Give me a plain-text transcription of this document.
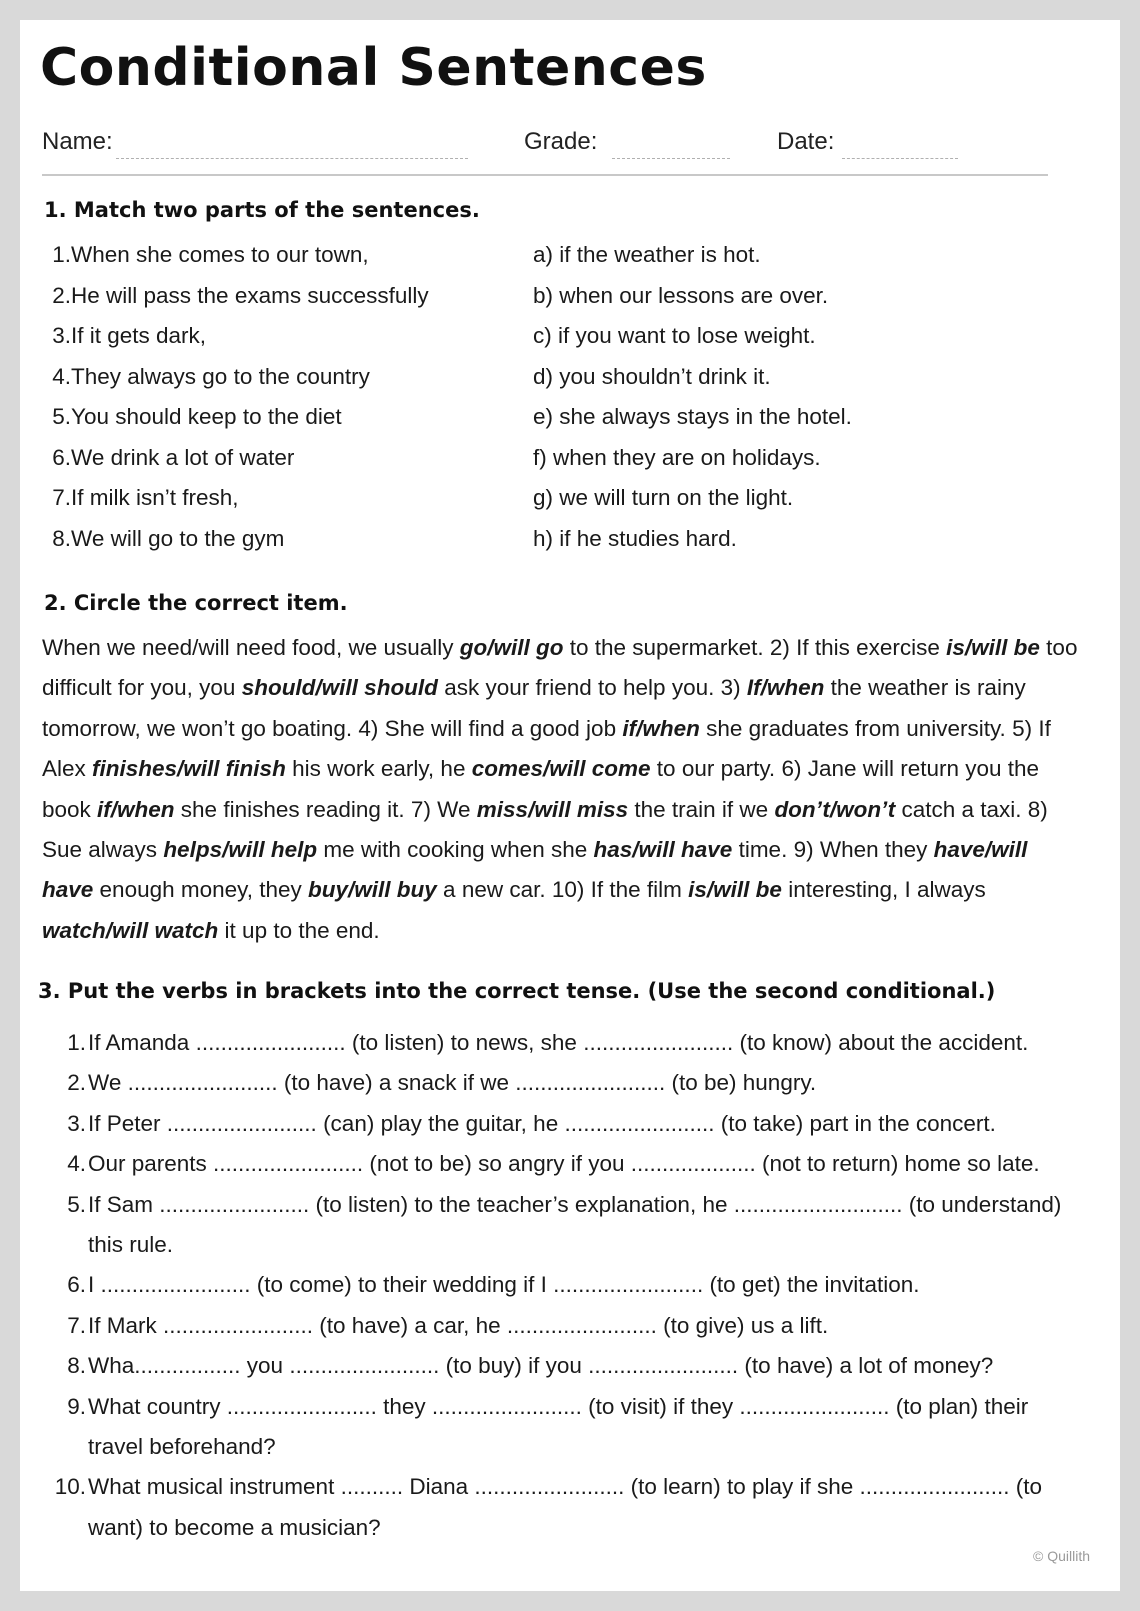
Conditional Sentences
Name:	Grade:	Date:
1. Match two parts of the sentences.
1. When she comes to our town,	a) if the weather is hot.
2. He will pass the exams successfully	b) when our lessons are over.
3. If it gets dark,	c) if you want to lose weight.
4. They always go to the country	d) you shouldn’t drink it.
5. You should keep to the diet	e) she always stays in the hotel.
6. We drink a lot of water	f) when they are on holidays.
7. If milk isn’t fresh,	g) we will turn on the light.
8. We will go to the gym	h) if he studies hard.
2. Circle the correct item.

When we need/will need food, we usually go/will go to the supermarket. 2) If this exercise is/will be too difficult for you, you should/will should ask your friend to help you. 3) If/when the weather is rainy tomorrow, we won’t go boating. 4) She will find a good job if/when she graduates from university. 5) If Alex finishes/will finish his work early, he comes/will come to our party. 6) Jane will return you the book if/when she finishes reading it. 7) We miss/will miss the train if we don’t/won’t catch a taxi. 8) Sue always helps/will help me with cooking when she has/will have time. 9) When they have/will have enough money, they buy/will buy a new car. 10) If the film is/will be interesting, I always watch/will watch it up to the end.

3. Put the verbs in brackets into the correct tense. (Use the second conditional.)
1. If Amanda ........................ (to listen) to news, she ........................ (to know) about the accident.
2. We ........................ (to have) a snack if we ........................ (to be) hungry.
3. If Peter ........................ (can) play the guitar, he ........................ (to take) part in the concert.
4. Our parents ........................ (not to be) so angry if you .................... (not to return) home so late.
5. If Sam ........................ (to listen) to the teacher’s explanation, he ........................... (to understand) this rule.
6. I ........................ (to come) to their wedding if I ........................ (to get) the invitation.
7. If Mark ........................ (to have) a car, he ........................ (to give) us a lift.
8. Wha................. you ........................ (to buy) if you ........................ (to have) a lot of money?
9. What country ........................ they ........................ (to visit) if they ........................ (to plan) their travel beforehand?
10. What musical instrument .......... Diana ........................ (to learn) to play if she ........................ (to want) to become a musician?
© Quillith
